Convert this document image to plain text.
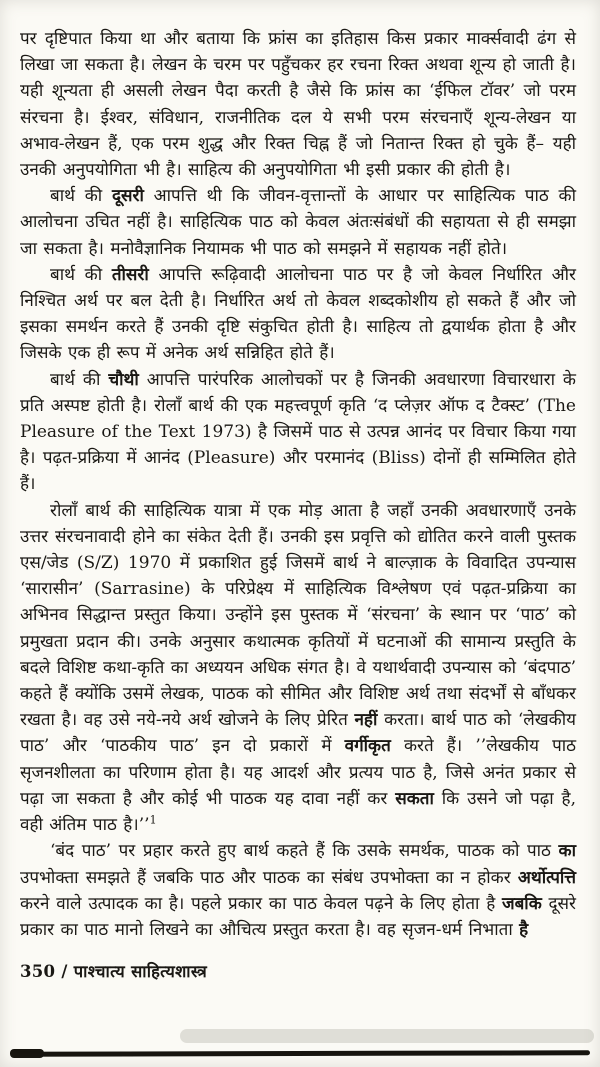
पर दृष्टिपात किया था और बताया कि फ्रांस का इतिहास किस प्रकार मार्क्सवादी ढंग से लिखा जा सकता है। लेखन के चरम पर पहुँचकर हर रचना रिक्त अथवा शून्य हो जाती है। यही शून्यता ही असली लेखन पैदा करती है जैसे कि फ्रांस का ‘ईफिल टॉवर’ जो परम संरचना है। ईश्वर, संविधान, राजनीतिक दल ये सभी परम संरचनाएँ शून्य-लेखन या अभाव-लेखन हैं, एक परम शुद्ध और रिक्त चिह्न हैं जो नितान्त रिक्त हो चुके हैं– यही उनकी अनुपयोगिता भी है। साहित्य की अनुपयोगिता भी इसी प्रकार की होती है।

बार्थ की दूसरी आपत्ति थी कि जीवन-वृत्तान्तों के आधार पर साहित्यिक पाठ की आलोचना उचित नहीं है। साहित्यिक पाठ को केवल अंतःसंबंधों की सहायता से ही समझा जा सकता है। मनोवैज्ञानिक नियामक भी पाठ को समझने में सहायक नहीं होते।

बार्थ की तीसरी आपत्ति रूढ़िवादी आलोचना पाठ पर है जो केवल निर्धारित और निश्चित अर्थ पर बल देती है। निर्धारित अर्थ तो केवल शब्दकोशीय हो सकते हैं और जो इसका समर्थन करते हैं उनकी दृष्टि संकुचित होती है। साहित्य तो द्वयार्थक होता है और जिसके एक ही रूप में अनेक अर्थ सन्निहित होते हैं।

बार्थ की चौथी आपत्ति पारंपरिक आलोचकों पर है जिनकी अवधारणा विचारधारा के प्रति अस्पष्ट होती है। रोलाँ बार्थ की एक महत्त्वपूर्ण कृति ‘द प्लेज़र ऑफ द टैक्स्ट’ (The Pleasure of the Text 1973) है जिसमें पाठ से उत्पन्न आनंद पर विचार किया गया है। पढ़त-प्रक्रिया में आनंद (Pleasure) और परमानंद (Bliss) दोनों ही सम्मिलित होते हैं।

रोलाँ बार्थ की साहित्यिक यात्रा में एक मोड़ आता है जहाँ उनकी अवधारणाएँ उनके उत्तर संरचनावादी होने का संकेत देती हैं। उनकी इस प्रवृत्ति को द्योतित करने वाली पुस्तक एस/जेड (S/Z) 1970 में प्रकाशित हुई जिसमें बार्थ ने बाल्ज़ाक के विवादित उपन्यास ‘सारासीन’ (Sarrasine) के परिप्रेक्ष्य में साहित्यिक विश्लेषण एवं पढ़त-प्रक्रिया का अभिनव सिद्धान्त प्रस्तुत किया। उन्होंने इस पुस्तक में ‘संरचना’ के स्थान पर ‘पाठ’ को प्रमुखता प्रदान की। उनके अनुसार कथात्मक कृतियों में घटनाओं की सामान्य प्रस्तुति के बदले विशिष्ट कथा-कृति का अध्ययन अधिक संगत है। वे यथार्थवादी उपन्यास को ‘बंदपाठ’ कहते हैं क्योंकि उसमें लेखक, पाठक को सीमित और विशिष्ट अर्थ तथा संदर्भों से बाँधकर रखता है। वह उसे नये-नये अर्थ खोजने के लिए प्रेरित नहीं करता। बार्थ पाठ को ‘लेखकीय पाठ’ और ‘पाठकीय पाठ’ इन दो प्रकारों में वर्गीकृत करते हैं। ’’लेखकीय पाठ सृजनशीलता का परिणाम होता है। यह आदर्श और प्रत्यय पाठ है, जिसे अनंत प्रकार से पढ़ा जा सकता है और कोई भी पाठक यह दावा नहीं कर सकता कि उसने जो पढ़ा है, वही अंतिम पाठ है।’’$^1$

‘बंद पाठ’ पर प्रहार करते हुए बार्थ कहते हैं कि उसके समर्थक, पाठक को पाठ का उपभोक्ता समझते हैं जबकि पाठ और पाठक का संबंध उपभोक्ता का न होकर अर्थोत्पत्ति करने वाले उत्पादक का है। पहले प्रकार का पाठ केवल पढ़ने के लिए होता है जबकि दूसरे प्रकार का पाठ मानो लिखने का औचित्य प्रस्तुत करता है। वह सृजन-धर्म निभाता है

350 / पाश्चात्य साहित्यशास्त्र
